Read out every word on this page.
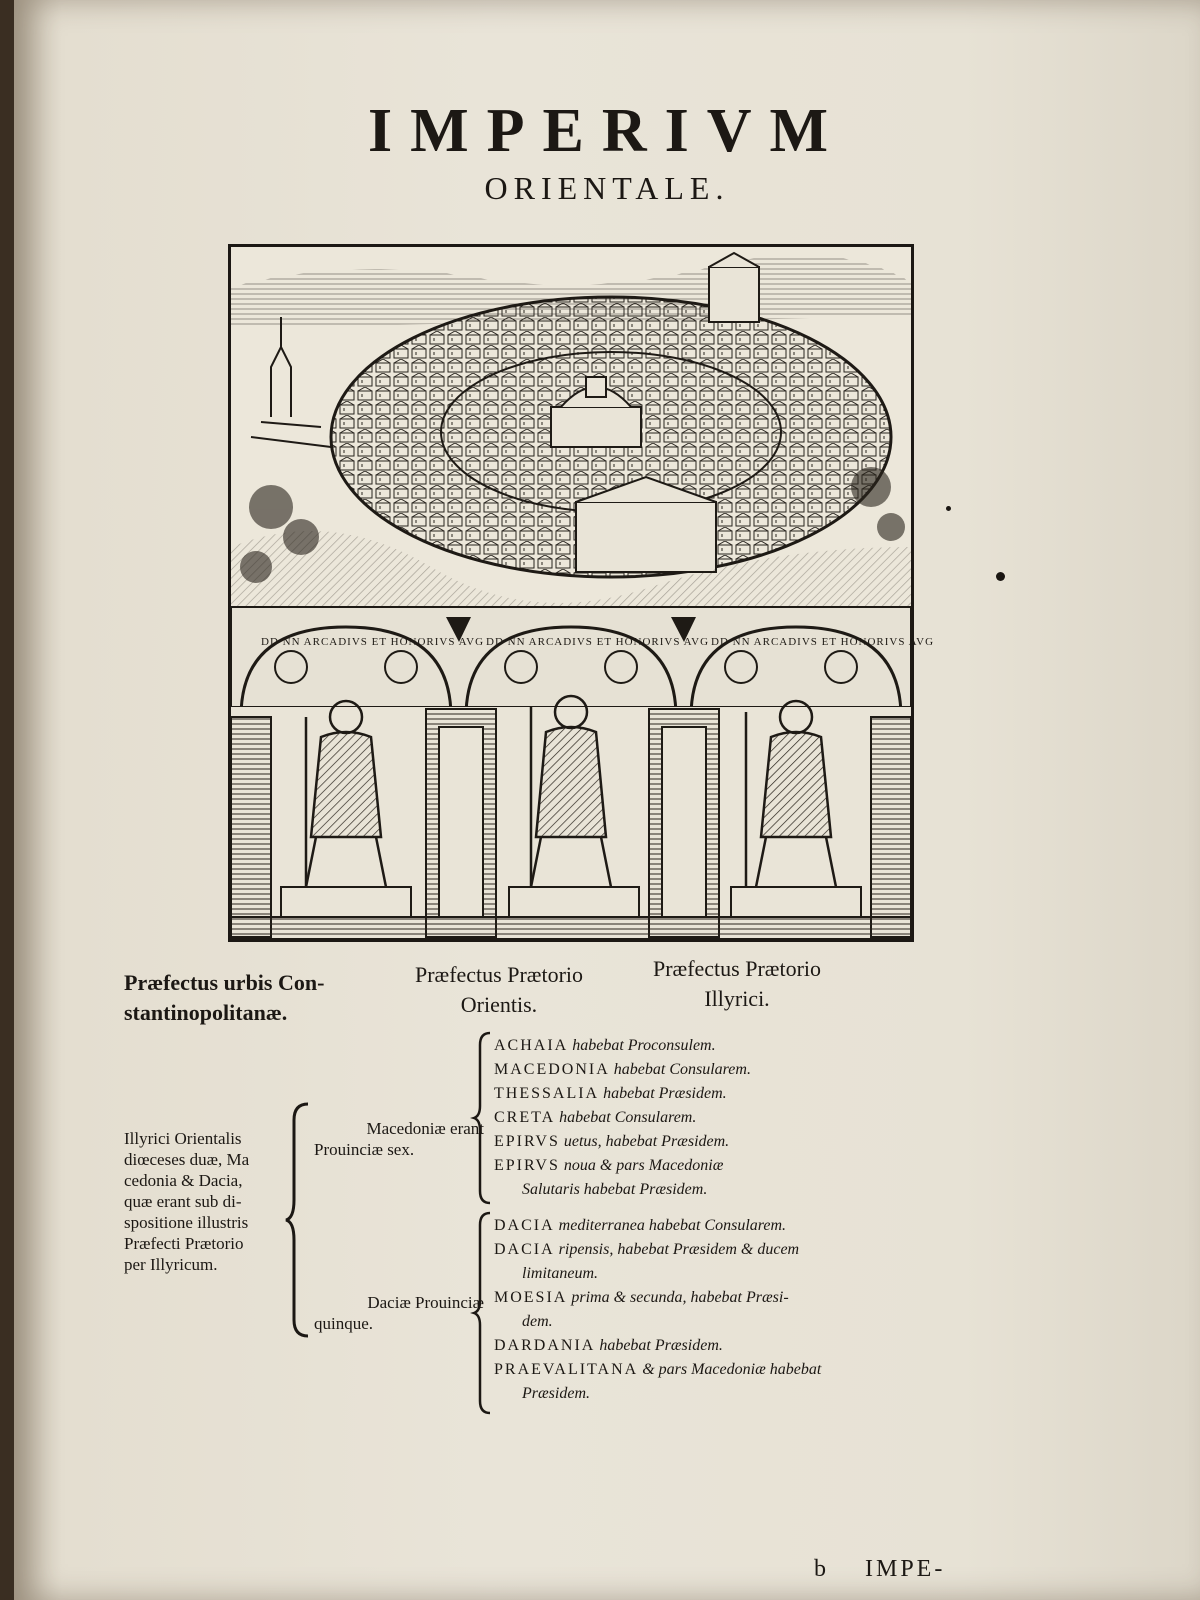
IMPERIVM
ORIENTALE.
DD NN ARCADIVS ET HONORIVS AVG DD NN ARCADIVS ET HONORIVS AVG DD NN ARCADIVS ET HONORIVS AVG
Præfectus urbis Con-
stantinopolitanæ.
Præfectus Prætorio
Orientis.
Præfectus Prætorio
Illyrici.
Illyrici Orientalis
diœceses duæ, Ma
cedonia & Dacia,
quæ erant sub di-
spositione illustris
Præfecti Prætorio
per Illyricum.
Macedoniæ erant
Prouinciæ sex.
Daciæ Prouinciæ
quinque.
ACHAIA habebat Proconsulem.
MACEDONIA habebat Consularem.
THESSALIA habebat Præsidem.
CRETA habebat Consularem.
EPIRVS uetus, habebat Præsidem.
EPIRVS noua & pars Macedoniæ
Salutaris habebat Præsidem.
DACIA mediterranea habebat Consularem.
DACIA ripensis, habebat Præsidem & ducem
limitaneum.
MOESIA prima & secunda, habebat Præsi-
dem.
DARDANIA habebat Præsidem.
PRAEVALITANA & pars Macedoniæ habebat
Præsidem.
b IMPE-
